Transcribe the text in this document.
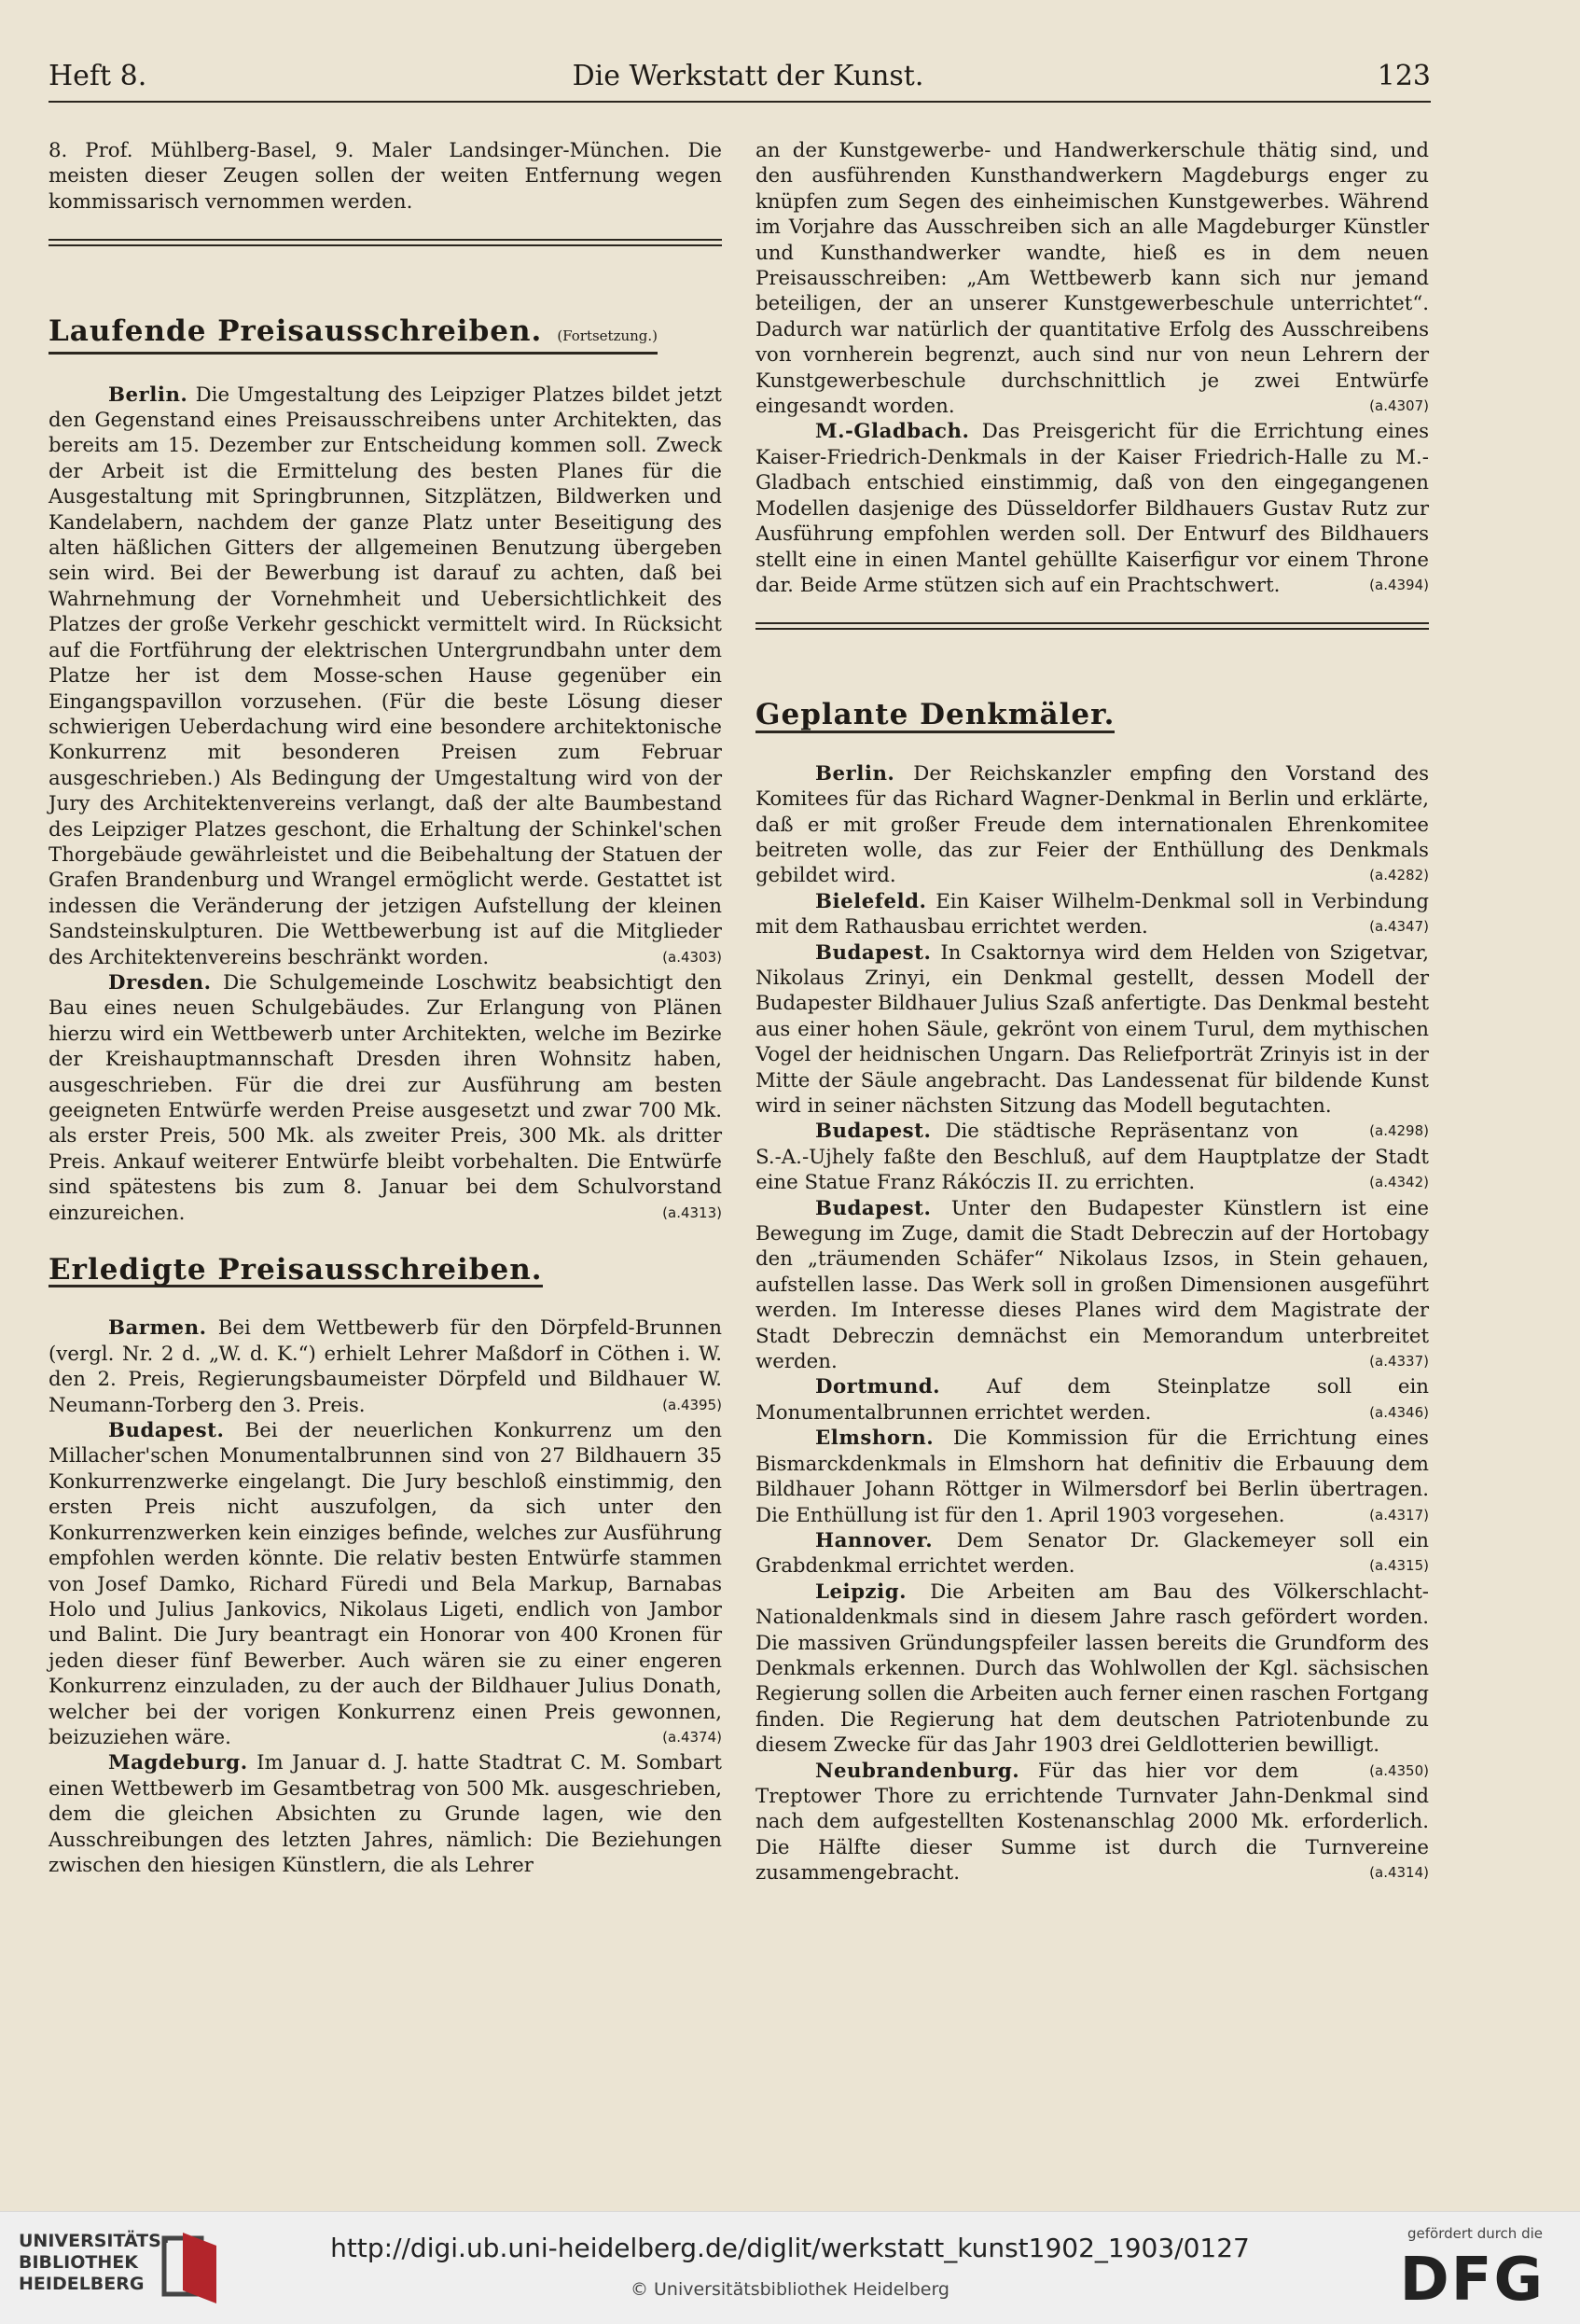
Heft 8.	Die Werkstatt der Kunst.	123

8. Prof. Mühlberg-Basel, 9. Maler Landsinger-München. Die meisten dieser Zeugen sollen der weiten Entfernung wegen kommissarisch vernommen werden.

Laufende Preisausschreiben. (Fortsetzung.)

Berlin. Die Umgestaltung des Leipziger Platzes bildet jetzt den Gegenstand eines Preisausschreibens unter Architekten, das bereits am 15. Dezember zur Entscheidung kommen soll. Zweck der Arbeit ist die Ermittelung des besten Planes für die Ausgestaltung mit Springbrunnen, Sitzplätzen, Bildwerken und Kandelabern, nachdem der ganze Platz unter Beseitigung des alten häßlichen Gitters der allgemeinen Benutzung übergeben sein wird. Bei der Bewerbung ist darauf zu achten, daß bei Wahrnehmung der Vornehmheit und Uebersichtlichkeit des Platzes der große Verkehr geschickt vermittelt wird. In Rücksicht auf die Fortführung der elektrischen Untergrundbahn unter dem Platze her ist dem Mosse-schen Hause gegenüber ein Eingangspavillon vorzusehen. (Für die beste Lösung dieser schwierigen Ueberdachung wird eine besondere architektonische Konkurrenz mit besonderen Preisen zum Februar ausgeschrieben.) Als Bedingung der Umgestaltung wird von der Jury des Architektenvereins verlangt, daß der alte Baumbestand des Leipziger Platzes geschont, die Erhaltung der Schinkel'schen Thorgebäude gewährleistet und die Beibehaltung der Statuen der Grafen Brandenburg und Wrangel ermöglicht werde. Gestattet ist indessen die Veränderung der jetzigen Aufstellung der kleinen Sandsteinskulpturen. Die Wettbewerbung ist auf die Mitglieder des Architektenvereins beschränkt worden.	(a.4303)

Dresden. Die Schulgemeinde Loschwitz beabsichtigt den Bau eines neuen Schulgebäudes. Zur Erlangung von Plänen hierzu wird ein Wettbewerb unter Architekten, welche im Bezirke der Kreishauptmannschaft Dresden ihren Wohnsitz haben, ausgeschrieben. Für die drei zur Ausführung am besten geeigneten Entwürfe werden Preise ausgesetzt und zwar 700 Mk. als erster Preis, 500 Mk. als zweiter Preis, 300 Mk. als dritter Preis. Ankauf weiterer Entwürfe bleibt vorbehalten. Die Entwürfe sind spätestens bis zum 8. Januar bei dem Schulvorstand einzureichen.	(a.4313)

Erledigte Preisausschreiben.

Barmen. Bei dem Wettbewerb für den Dörpfeld-Brunnen (vergl. Nr. 2 d. „W. d. K.“) erhielt Lehrer Maßdorf in Cöthen i. W. den 2. Preis, Regierungsbaumeister Dörpfeld und Bildhauer W. Neumann-Torberg den 3. Preis.	(a.4395)

Budapest. Bei der neuerlichen Konkurrenz um den Millacher'schen Monumentalbrunnen sind von 27 Bildhauern 35 Konkurrenzwerke eingelangt. Die Jury beschloß einstimmig, den ersten Preis nicht auszufolgen, da sich unter den Konkurrenzwerken kein einziges befinde, welches zur Ausführung empfohlen werden könnte. Die relativ besten Entwürfe stammen von Josef Damko, Richard Füredi und Bela Markup, Barnabas Holo und Julius Jankovics, Nikolaus Ligeti, endlich von Jambor und Balint. Die Jury beantragt ein Honorar von 400 Kronen für jeden dieser fünf Bewerber. Auch wären sie zu einer engeren Konkurrenz einzuladen, zu der auch der Bildhauer Julius Donath, welcher bei der vorigen Konkurrenz einen Preis gewonnen, beizuziehen wäre.	(a.4374)

Magdeburg. Im Januar d. J. hatte Stadtrat C. M. Sombart einen Wettbewerb im Gesamtbetrag von 500 Mk. ausgeschrieben, dem die gleichen Absichten zu Grunde lagen, wie den Ausschreibungen des letzten Jahres, nämlich: Die Beziehungen zwischen den hiesigen Künstlern, die als Lehrer

an der Kunstgewerbe- und Handwerkerschule thätig sind, und den ausführenden Kunsthandwerkern Magdeburgs enger zu knüpfen zum Segen des einheimischen Kunstgewerbes. Während im Vorjahre das Ausschreiben sich an alle Magdeburger Künstler und Kunsthandwerker wandte, hieß es in dem neuen Preisausschreiben: „Am Wettbewerb kann sich nur jemand beteiligen, der an unserer Kunstgewerbeschule unterrichtet“. Dadurch war natürlich der quantitative Erfolg des Ausschreibens von vornherein begrenzt, auch sind nur von neun Lehrern der Kunstgewerbeschule durchschnittlich je zwei Entwürfe eingesandt worden.	(a.4307)

M.-Gladbach. Das Preisgericht für die Errichtung eines Kaiser-Friedrich-Denkmals in der Kaiser Friedrich-Halle zu M.-Gladbach entschied einstimmig, daß von den eingegangenen Modellen dasjenige des Düsseldorfer Bildhauers Gustav Rutz zur Ausführung empfohlen werden soll. Der Entwurf des Bildhauers stellt eine in einen Mantel gehüllte Kaiserfigur vor einem Throne dar. Beide Arme stützen sich auf ein Prachtschwert.	(a.4394)

Geplante Denkmäler.

Berlin. Der Reichskanzler empfing den Vorstand des Komitees für das Richard Wagner-Denkmal in Berlin und erklärte, daß er mit großer Freude dem internationalen Ehrenkomitee beitreten wolle, das zur Feier der Enthüllung des Denkmals gebildet wird.	(a.4282)

Bielefeld. Ein Kaiser Wilhelm-Denkmal soll in Verbindung mit dem Rathausbau errichtet werden.	(a.4347)

Budapest. In Csaktornya wird dem Helden von Szigetvar, Nikolaus Zrinyi, ein Denkmal gestellt, dessen Modell der Budapester Bildhauer Julius Szaß anfertigte. Das Denkmal besteht aus einer hohen Säule, gekrönt von einem Turul, dem mythischen Vogel der heidnischen Ungarn. Das Reliefporträt Zrinyis ist in der Mitte der Säule angebracht. Das Landessenat für bildende Kunst wird in seiner nächsten Sitzung das Modell begutachten.
(a.4298)

Budapest. Die städtische Repräsentanz von S.-A.-Ujhely faßte den Beschluß, auf dem Hauptplatze der Stadt eine Statue Franz Rákóczis II. zu errichten.	(a.4342)

Budapest. Unter den Budapester Künstlern ist eine Bewegung im Zuge, damit die Stadt Debreczin auf der Hortobagy den „träumenden Schäfer“ Nikolaus Izsos, in Stein gehauen, aufstellen lasse. Das Werk soll in großen Dimensionen ausgeführt werden. Im Interesse dieses Planes wird dem Magistrate der Stadt Debreczin demnächst ein Memorandum unterbreitet werden.	(a.4337)

Dortmund. Auf dem Steinplatze soll ein Monumentalbrunnen errichtet werden.	(a.4346)

Elmshorn. Die Kommission für die Errichtung eines Bismarckdenkmals in Elmshorn hat definitiv die Erbauung dem Bildhauer Johann Röttger in Wilmersdorf bei Berlin übertragen. Die Enthüllung ist für den 1. April 1903 vorgesehen.	(a.4317)

Hannover. Dem Senator Dr. Glackemeyer soll ein Grabdenkmal errichtet werden.	(a.4315)

Leipzig. Die Arbeiten am Bau des Völkerschlacht-Nationaldenkmals sind in diesem Jahre rasch gefördert worden. Die massiven Gründungspfeiler lassen bereits die Grundform des Denkmals erkennen. Durch das Wohlwollen der Kgl. sächsischen Regierung sollen die Arbeiten auch ferner einen raschen Fortgang finden. Die Regierung hat dem deutschen Patriotenbunde zu diesem Zwecke für das Jahr 1903 drei Geldlotterien bewilligt.
(a.4350)

Neubrandenburg. Für das hier vor dem Treptower Thore zu errichtende Turnvater Jahn-Denkmal sind nach dem aufgestellten Kostenanschlag 2000 Mk. erforderlich. Die Hälfte dieser Summe ist durch die Turnvereine zusammengebracht.	(a.4314)

UNIVERSITÄTS-
BIBLIOTHEK
HEIDELBERG
http://digi.ub.uni-heidelberg.de/diglit/werkstatt_kunst1902_1903/0127
© Universitätsbibliothek Heidelberg
gefördert durch die
DFG
